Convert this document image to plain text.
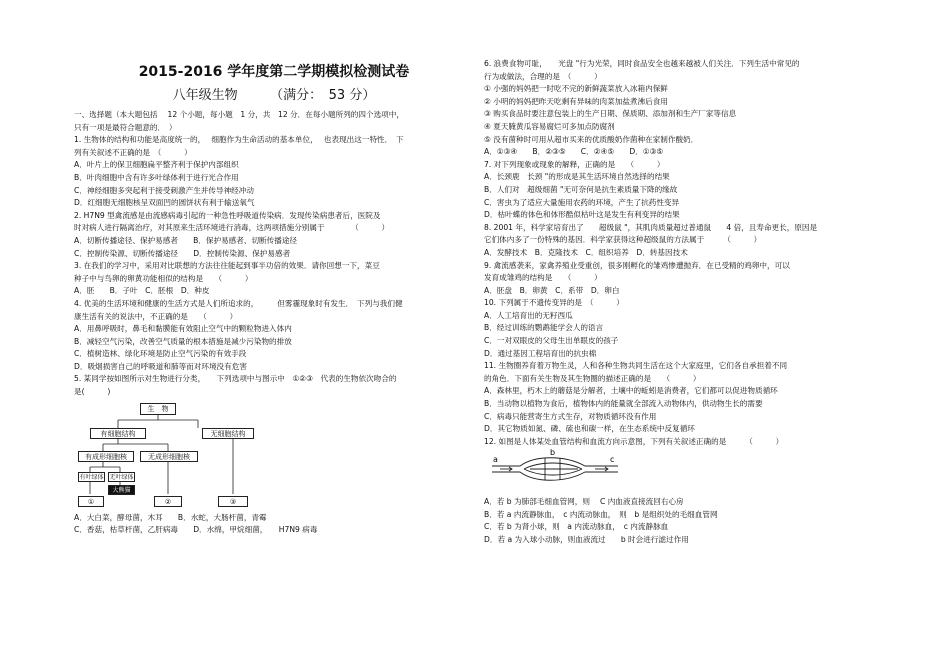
2015-2016 学年度第二学期模拟检测试卷
八年级生物　　　（满分：　53 分）
一、选择题（本大题包括　 12 个小题，每小题　1 分，共　12 分．在每小题所列的四个选项中，
只有一项是最符合题意的．　）
1. 生物体的结构和功能是高度统一的，　 细胞作为生命活动的基本单位，　 也表现出这一特性．　下
列有关叙述不正确的是　（　　　）
A．叶片上的保卫细胞扁平整齐利于保护内部组织
B．叶肉细胞中含有许多叶绿体利于进行光合作用
C．神经细胞多突起利于接受刺激产生并传导神经冲动
D．红细胞无细胞核呈双面凹的圆饼状有利于输送氧气
2. H7N9 型禽流感是由流感病毒引起的一种急性呼吸道传染病．发现传染病患者后，医院及
时对病人进行隔离治疗，对其原来生活环境进行消毒，这两项措施分别属于　　　　（　　　）
A．切断传播途径、保护易感者　　B．保护易感者、切断传播途径
C．控制传染源、切断传播途径　　D．控制传染源、保护易感者
3. 在我们的学习中，采用对比联想的方法往往能起到事半功倍的效果．请你回想一下，菜豆
种子中与鸟卵的卵黄功能相似的结构是　　（　　　）
A．胚　　B．子叶　C．胚根　D．种皮
4. 优美的生活环境和健康的生活方式是人们所追求的，　　　但雾霾现象时有发生．　下列与我们健
康生活有关的说法中，不正确的是　　（　　　）
A．用鼻呼吸时，鼻毛和黏膜能有效阻止空气中的颗粒物进入体内
B．减轻空气污染，改善空气质量的根本措施是减少污染物的排放
C．植树造林、绿化环境是防止空气污染的有效手段
D．吸烟损害自己的呼吸道和肺等而对环境没有危害
5. 某同学按如图所示对生物进行分类，　　下列选项中与图示中　①②③　代表的生物依次吻合的
是(　　　)
生　物
有细胞结构	无细胞结构
有成形细胞核	无成形细胞核
有叶绿体 无叶绿体
大熊猫
①	②	③
A．大白菜，酵母菌，木耳　　B．水蛇，大肠杆菌，青霉
C．香菇，枯草杆菌，乙肝病毒　　D．水绵，甲烷细菌，　　H7N9 病毒
6. 浪费食物可耻，　　光盘 "行为光荣，同时食品安全也越来越被人们关注．下列生活中常见的
行为或做法，合理的是　（　　　）
① 小强的妈妈把一时吃不完的新鲜蔬菜放入冰箱内保鲜
② 小明的妈妈把昨天吃剩有异味的肉菜加盐煮沸后食用
③ 购买食品时要注意包装上的生产日期、保质期、添加剂和生产厂家等信息
④ 夏天腌黄瓜容易腐烂可多加点防腐剂
⑤ 没有菌种时可用从超市买来的优质酸奶作菌种在家制作酸奶．
A．①③④　　B．②③⑤　　C．②④⑤　　D．①③⑤
7. 对下列现象或现象的解释，正确的是　　（　　　）
A．长颈鹿　长颈 "的形成是其生活环境自然选择的结果
B．人们对　超级细菌 "无可奈何是抗生素质量下降的缘故
C．害虫为了适应大量施用农药的环境，产生了抗药性变异
D．枯叶蝶的体色和体形酷似枯叶这是发生有利变异的结果
8. 2001 年，科学家培育出了　　超级鼠 "，其肌肉质量超过普通鼠　　4 倍，且寿命更长，原因是
它们体内多了一份特殊的基因．科学家获得这种超级鼠的方法属于　　　（　　　）
A．发酵技术　B．克隆技术　C．组织培养　D．转基因技术
9. 禽流感袭来，家禽养殖业受重创，很多刚孵化的雏鸡惨遭抛弃．在已受精的鸡卵中，可以
发育成雏鸡的结构是　　（　　　）
A．胚盘　B．卵黄　C．系带　D．卵白
10. 下列属于不遗传变异的是　（　　　）
A．人工培育出的无籽西瓜
B．经过训练的鹦鹉能学会人的语言
C．一对双眼皮的父母生出单眼皮的孩子
D．通过基因工程培育出的抗虫棉
11. 生物圈养育着万物生灵，人和各种生物共同生活在这个大家庭里，它们各自承担着不同
的角色．下面有关生物及其生物圈的描述正确的是　　（　　　）
A．森林里，朽木上的蘑菇是分解者，土壤中的蚯蚓是消费者，它们都可以促进物质循环
B．当动物以植物为食后，植物体内的能量就全部流入动物体内，供动物生长的需要
C．病毒只能营寄生方式生存，对物质循环没有作用
D．其它物质如氮、磷、硫也和碳一样，在生态系统中反复循环
12. 如图是人体某处血管结构和血流方向示意图，下列有关叙述正确的是　　　（　　　）
a
b
c
A．若 b 为肺部毛细血管网，则　 C 内血液直接流回右心房
B．若 a 内流静脉血，　c 内流动脉血，　则　b 是组织处的毛细血管网
C．若 b 为肾小球，则　a 内流动脉血，　c 内流静脉血
D．若 a 为入球小动脉，则血液流过　　b 时会进行滤过作用
